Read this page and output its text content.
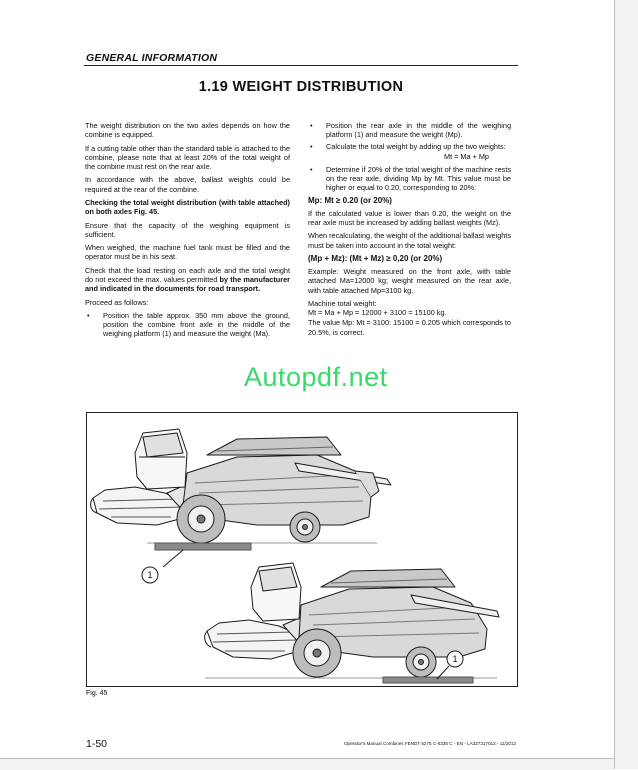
GENERAL INFORMATION
1.19 WEIGHT DISTRIBUTION

The weight distribution on the two axles depends on how the combine is equipped.

If a cutting table other than the standard table is attached to the combine, please note that at least 20% of the total weight of the combine must rest on the rear axle.

In accordance with the above, ballast weights could be required at the rear of the combine.

Checking the total weight distribution (with table attached) on both axles Fig. 45.

Ensure that the capacity of the weighing equipment is sufficient.

When weighed, the machine fuel tank must be filled and the operator must be in his seat.

Check that the load resting on each axle and the total weight do not exceed the max. values permitted by the manufacturer and indicated in the documents for road transport.

Proceed as follows:

• Position the table approx. 350 mm above the ground, position the combine front axle in the middle of the weighing platform (1) and measure the weight (Ma).

• Position the rear axle in the middle of the weighing platform (1) and measure the weight (Mp).

• Calculate the total weight by adding up the two weights:

Mt = Ma + Mp

• Determine if 20% of the total weight of the machine rests on the rear axle, dividing Mp by Mt. This value must be higher or equal to 0.20, corresponding to 20%:

Mp: Mt ≥ 0.20 (or 20%)

If the calculated value is lower than 0.20, the weight on the rear axle must be increased by adding ballast weights (Mz).

When recalculating, the weight of the additional ballast weights must be taken into account in the total weight:

(Mp + Mz): (Mt + Mz) ≥ 0,20 (or 20%)

Example: Weight measured on the front axle, with table attached Ma=12000 kg; weight measured on the rear axle, with table attached Mp=3100 kg.

Machine total weight:
Mt = Ma + Mp = 12000 + 3100 = 15100 kg.

The value Mp: Mt = 3100: 15100 = 0.205 which corresponds to 20.5%, is correct.

Autopdf.net
1
1
Fig. 45
1-50	Operator's Manual Combines FENDT 5275 C-6335 C - EN - LA327317012 - 11/2012
